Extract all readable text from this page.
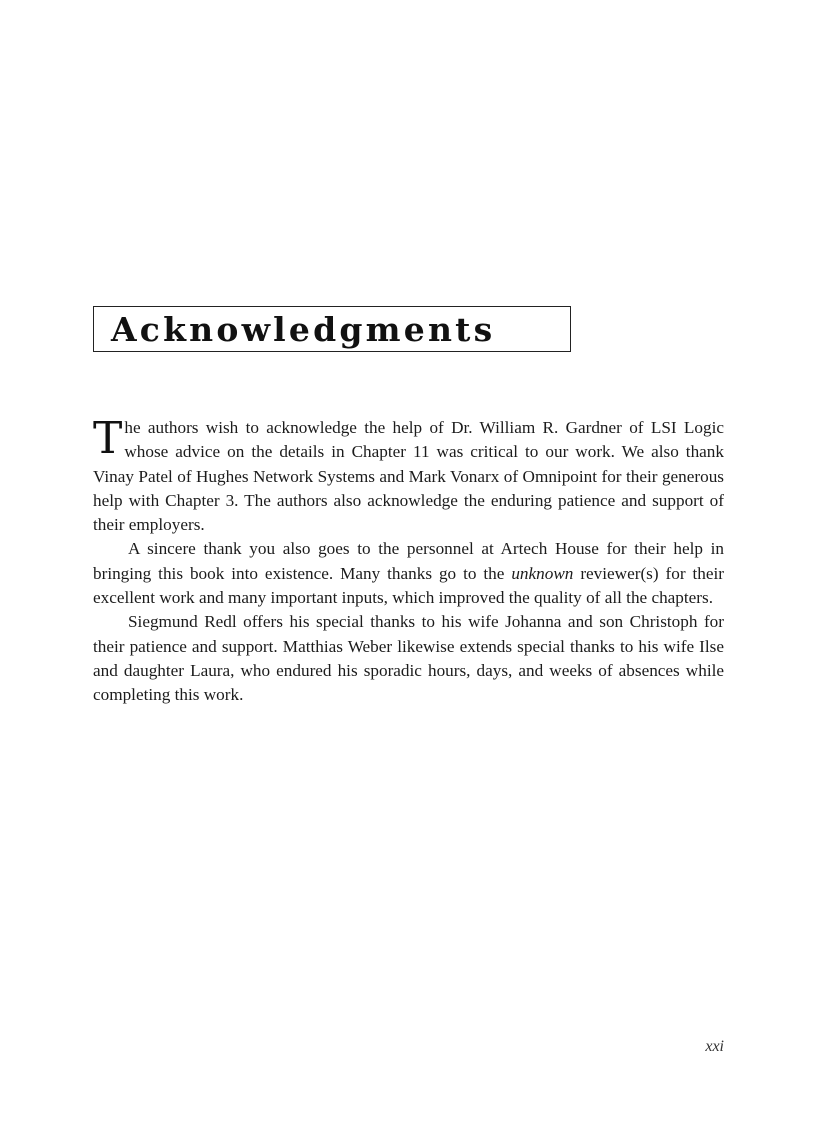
Acknowledgments

The authors wish to acknowledge the help of Dr. William R. Gardner of LSI Logic whose advice on the details in Chapter 11 was critical to our work. We also thank Vinay Patel of Hughes Network Systems and Mark Vonarx of Omnipoint for their generous help with Chapter 3. The authors also acknowledge the enduring patience and support of their employers.

A sincere thank you also goes to the personnel at Artech House for their help in bringing this book into existence. Many thanks go to the unknown reviewer(s) for their excellent work and many important inputs, which improved the quality of all the chapters.

Siegmund Redl offers his special thanks to his wife Johanna and son Christoph for their patience and support. Matthias Weber likewise extends special thanks to his wife Ilse and daughter Laura, who endured his sporadic hours, days, and weeks of absences while completing this work.

xxi
